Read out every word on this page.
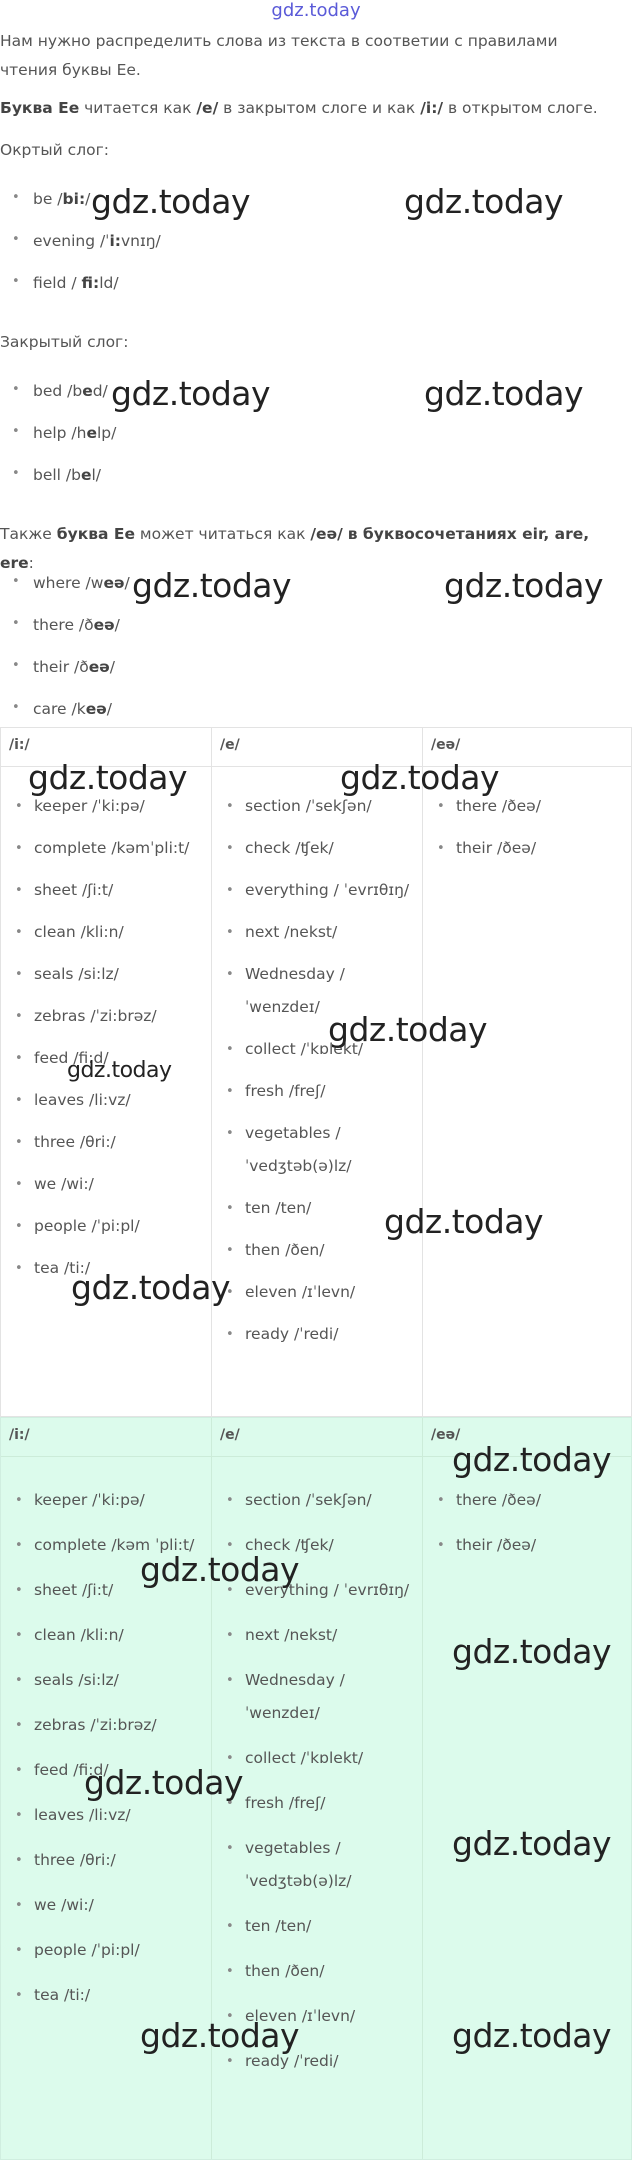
gdz.today
Нам нужно распределить слова из текста в соответии с правилами чтения буквы Ее.
Буква Ее читается как /е/ в закрытом слоге и как /i:/ в открытом слоге.
Окртый слог:
• be /bi:/
• evening /ˈi:vnɪŋ/
• field / fi:ld/
Закрытый слог:
• bed /bed/
• help /help/
• bell /bel/
Также буква Ее может читаться как /eə/ в буквосочетаниях eir, are, ere:
• where /weə/
• there /ðeə/
• their /ðeə/
• care /keə/
/i:/
• keeper /ˈki:pə/
• complete /kəmˈpli:t/
• sheet /ʃi:t/
• clean /kli:n/
• seals /si:lz/
• zebras /ˈzi:brəz/
• feed /fi:d/
• leaves /li:vz/
• three /θri:/
• we /wi:/
• people /ˈpi:pl/
• tea /ti:/
/e/
• section /ˈsekʃən/
• check /ʧek/
• everything / ˈevrɪθɪŋ/
• next /nekst/
• Wednesday / ˈwenzdeɪ/
• collect /ˈkɒlekt/
• fresh /freʃ/
• vegetables / ˈvedʒtəb(ə)lz/
• ten /ten/
• then /ðen/
• eleven /ɪˈlevn/
• ready /ˈredi/
/eə/
• there /ðeə/
• their /ðeə/
/i:/
• keeper /ˈki:pə/
• complete /kəm ˈpli:t/
• sheet /ʃi:t/
• clean /kli:n/
• seals /si:lz/
• zebras /ˈzi:brəz/
• feed /fi:d/
• leaves /li:vz/
• three /θri:/
• we /wi:/
• people /ˈpi:pl/
• tea /ti:/
/e/
• section /ˈsekʃən/
• check /ʧek/
• everything / ˈevrɪθɪŋ/
• next /nekst/
• Wednesday / ˈwenzdeɪ/
• collect /ˈkɒlekt/
• fresh /freʃ/
• vegetables / ˈvedʒtəb(ə)lz/
• ten /ten/
• then /ðen/
• eleven /ɪˈlevn/
• ready /ˈredi/
/eə/
• there /ðeə/
• their /ðeə/
gdz.today	gdz.today
gdz.today	gdz.today
gdz.today	gdz.today
gdz.today	gdz.today
gdz.today
gdz.today
gdz.today
gdz.today
gdz.today
gdz.today
gdz.today
gdz.today
gdz.today
gdz.today	gdz.today
